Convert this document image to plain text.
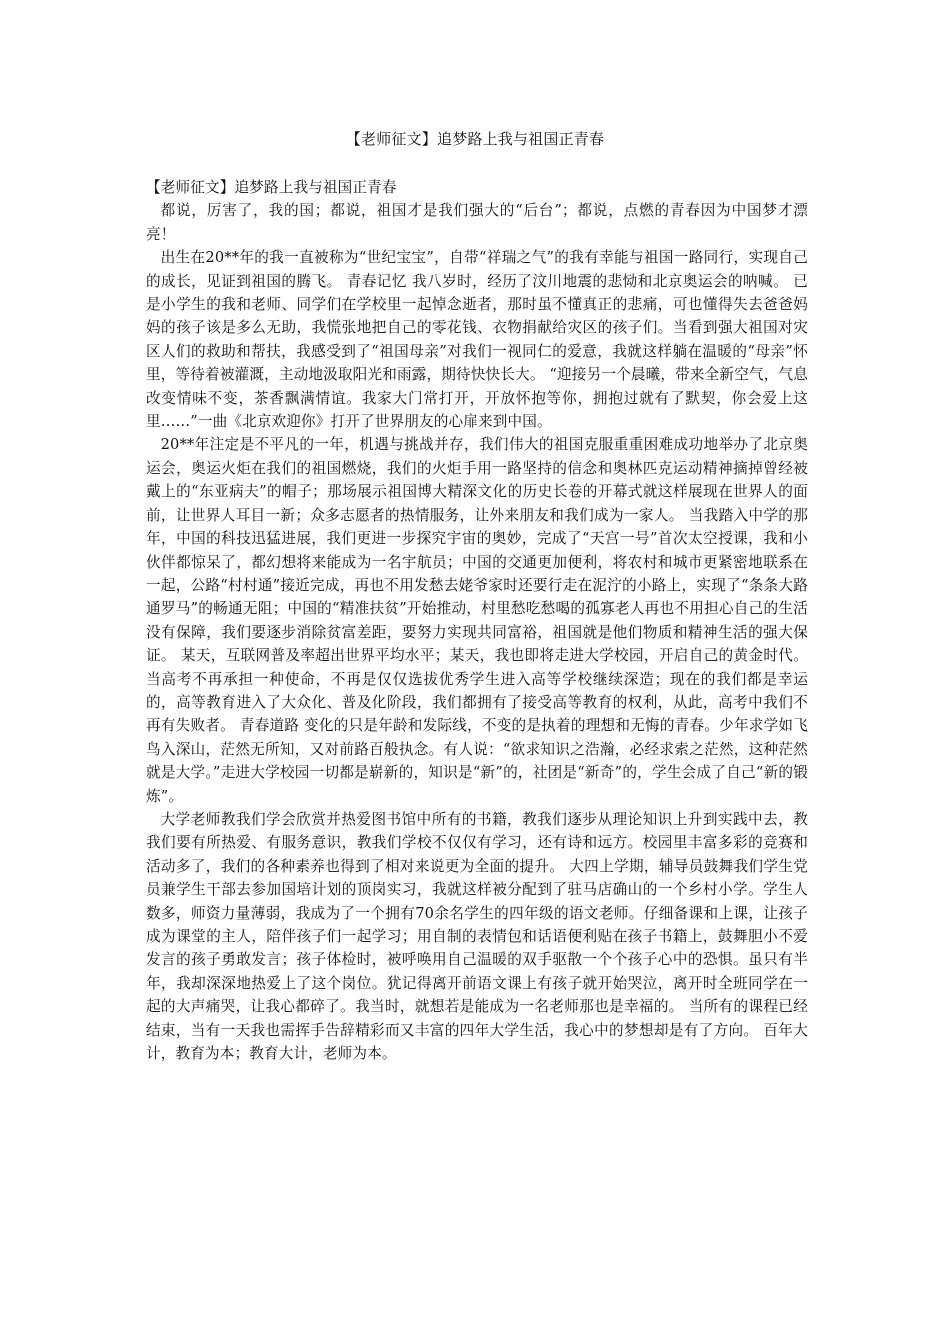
【老师征文】追梦路上我与祖国正青春

【老师征文】追梦路上我与祖国正青春

都说，厉害了，我的国；都说，祖国才是我们强大的“后台”；都说，点燃的青春因为中国梦才漂亮！

出生在20**年的我一直被称为“世纪宝宝”，自带“祥瑞之气”的我有幸能与祖国一路同行，实现自己的成长，见证到祖国的腾飞。 青春记忆 我八岁时，经历了汶川地震的悲恸和北京奥运会的呐喊。 已是小学生的我和老师、同学们在学校里一起悼念逝者，那时虽不懂真正的悲痛，可也懂得失去爸爸妈妈的孩子该是多么无助，我慌张地把自己的零花钱、衣物捐献给灾区的孩子们。当看到强大祖国对灾区人们的救助和帮扶，我感受到了“祖国母亲”对我们一视同仁的爱意，我就这样躺在温暖的“母亲”怀里，等待着被灌溉，主动地汲取阳光和雨露，期待快快长大。 “迎接另一个晨曦，带来全新空气，气息改变情味不变，茶香飘满情谊。我家大门常打开，开放怀抱等你，拥抱过就有了默契，你会爱上这里……”一曲《北京欢迎你》打开了世界朋友的心扉来到中国。

20**年注定是不平凡的一年，机遇与挑战并存，我们伟大的祖国克服重重困难成功地举办了北京奥运会，奥运火炬在我们的祖国燃烧，我们的火炬手用一路坚持的信念和奥林匹克运动精神摘掉曾经被戴上的“东亚病夫”的帽子；那场展示祖国博大精深文化的历史长卷的开幕式就这样展现在世界人的面前，让世界人耳目一新；众多志愿者的热情服务，让外来朋友和我们成为一家人。 当我踏入中学的那年，中国的科技迅猛进展，我们更进一步探究宇宙的奥妙，完成了“天宫一号”首次太空授课，我和小伙伴都惊呆了，都幻想将来能成为一名宇航员；中国的交通更加便利，将农村和城市更紧密地联系在一起，公路“村村通”接近完成，再也不用发愁去姥爷家时还要行走在泥泞的小路上，实现了“条条大路通罗马”的畅通无阻；中国的“精准扶贫”开始推动，村里愁吃愁喝的孤寡老人再也不用担心自己的生活没有保障，我们要逐步消除贫富差距，要努力实现共同富裕，祖国就是他们物质和精神生活的强大保证。 某天，互联网普及率超出世界平均水平；某天，我也即将走进大学校园，开启自己的黄金时代。 当高考不再承担一种使命，不再是仅仅选拔优秀学生进入高等学校继续深造；现在的我们都是幸运的，高等教育进入了大众化、普及化阶段，我们都拥有了接受高等教育的权利，从此，高考中我们不再有失败者。 青春道路 变化的只是年龄和发际线，不变的是执着的理想和无悔的青春。少年求学如飞鸟入深山，茫然无所知，又对前路百般执念。有人说：“欲求知识之浩瀚，必经求索之茫然，这种茫然就是大学。”走进大学校园一切都是崭新的，知识是“新”的，社团是“新奇”的，学生会成了自己“新的锻炼”。

大学老师教我们学会欣赏并热爱图书馆中所有的书籍，教我们逐步从理论知识上升到实践中去，教我们要有所热爱、有服务意识，教我们学校不仅仅有学习，还有诗和远方。校园里丰富多彩的竞赛和活动多了，我们的各种素养也得到了相对来说更为全面的提升。 大四上学期，辅导员鼓舞我们学生党员兼学生干部去参加国培计划的顶岗实习，我就这样被分配到了驻马店确山的一个乡村小学。学生人数多，师资力量薄弱，我成为了一个拥有70余名学生的四年级的语文老师。仔细备课和上课，让孩子成为课堂的主人，陪伴孩子们一起学习；用自制的表情包和话语便利贴在孩子书籍上，鼓舞胆小不爱发言的孩子勇敢发言；孩子体检时，被呼唤用自己温暖的双手驱散一个个孩子心中的恐惧。虽只有半年，我却深深地热爱上了这个岗位。犹记得离开前语文课上有孩子就开始哭泣，离开时全班同学在一起的大声痛哭，让我心都碎了。我当时，就想若是能成为一名老师那也是幸福的。 当所有的课程已经结束，当有一天我也需挥手告辞精彩而又丰富的四年大学生活，我心中的梦想却是有了方向。 百年大计，教育为本；教育大计，老师为本。
